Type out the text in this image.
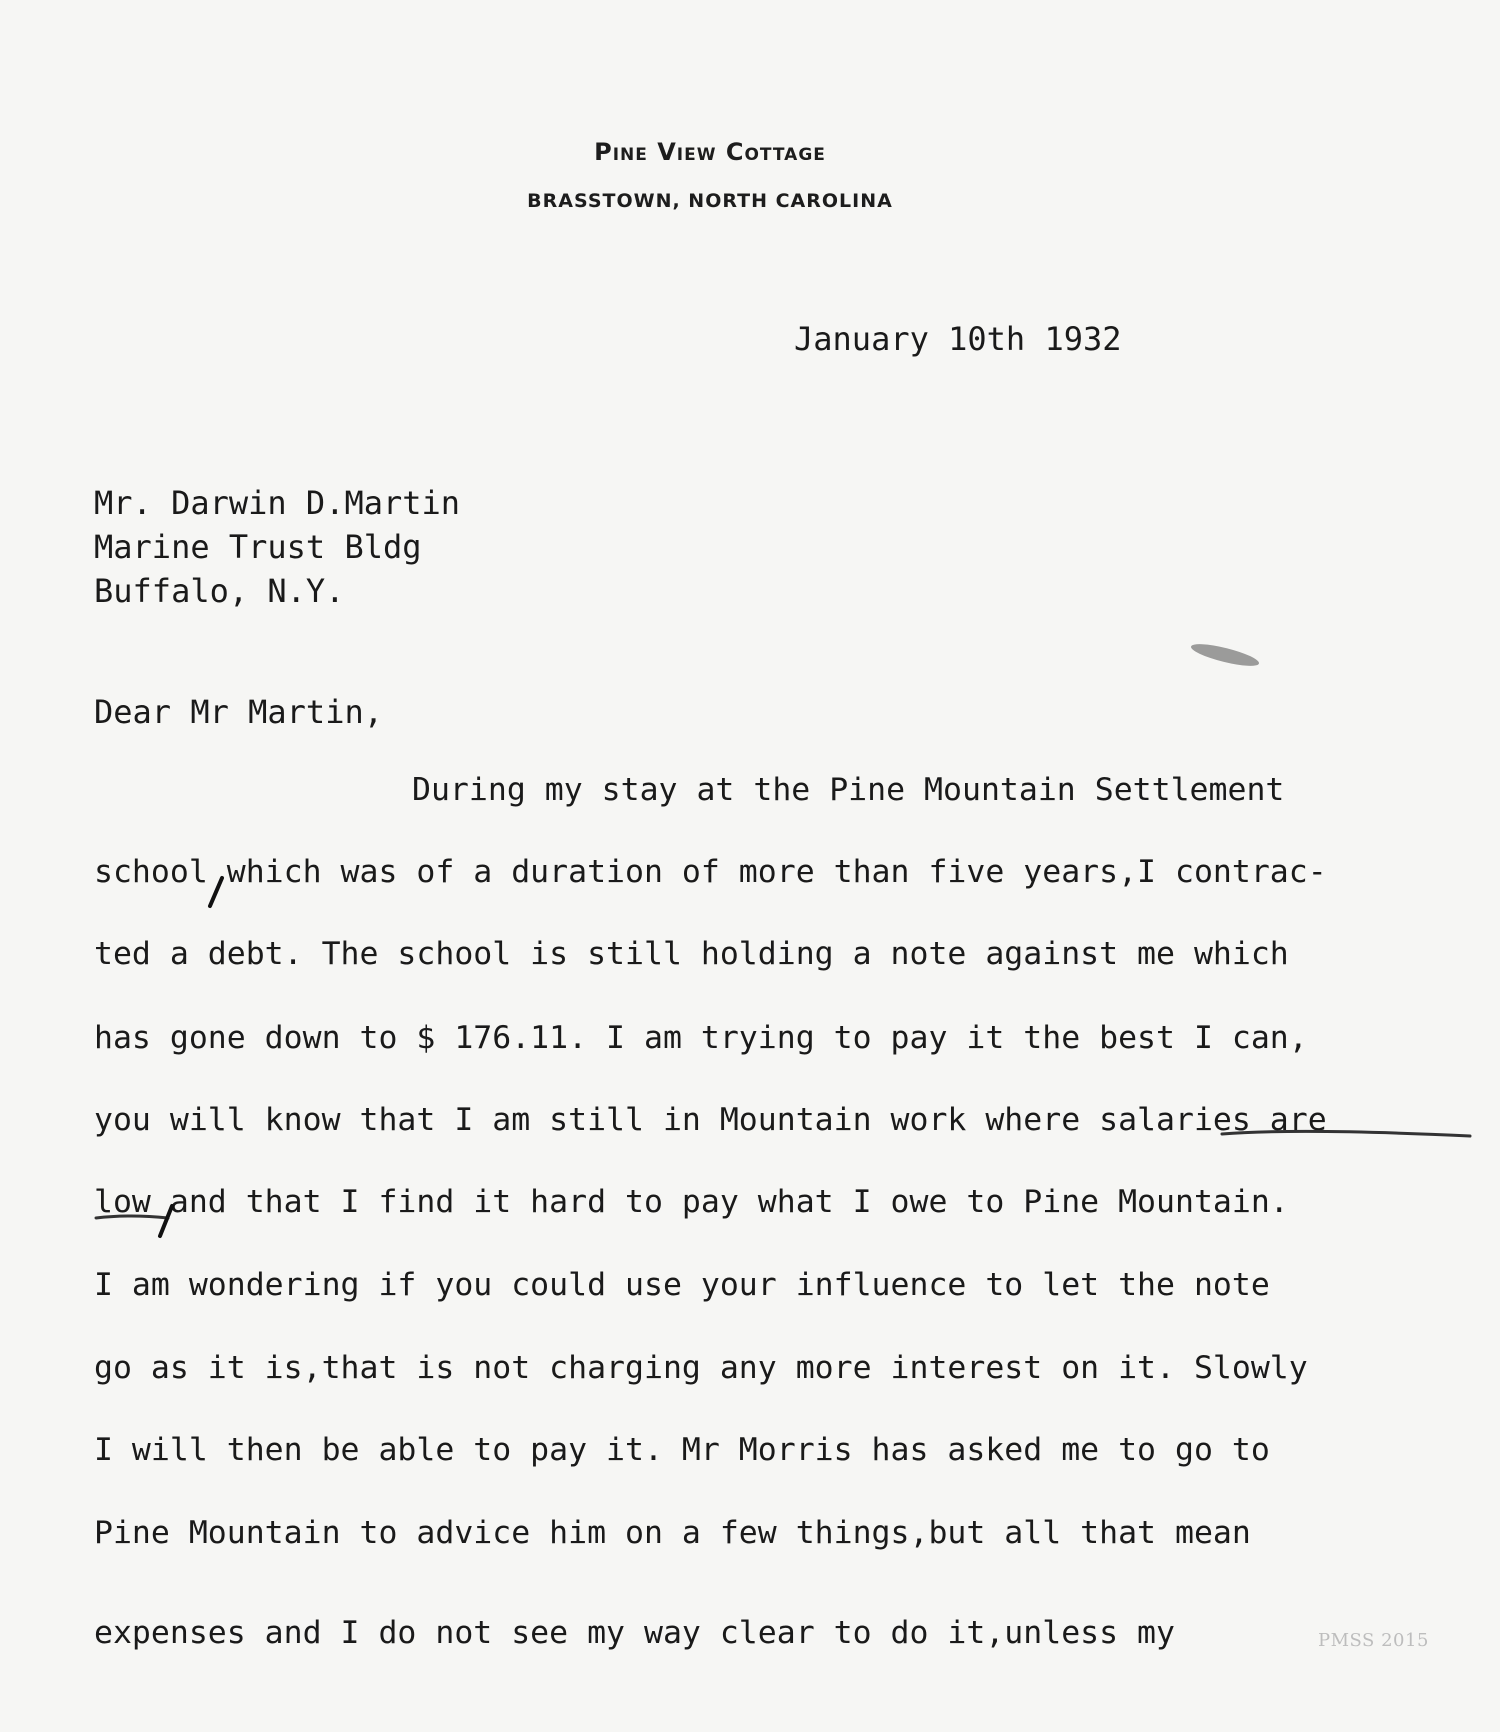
Pine View Cottage
BRASSTOWN, NORTH CAROLINA
January 10th 1932
Mr. Darwin D.Martin
Marine Trust Bldg
Buffalo, N.Y.
Dear Mr Martin,
During my stay at the Pine Mountain Settlement
school which was of a duration of more than five years,I contrac-
ted a debt. The school is still holding a note against me which
has gone down to $ 176.11. I am trying to pay it the best I can,
you will know that I am still in Mountain work where salaries are
low and that I find it hard to pay what I owe to Pine Mountain.
I am wondering if you could use your influence to let the note
go as it is,that is not charging any more interest on it. Slowly
I will then be able to pay it. Mr Morris has asked me to go to
Pine Mountain to advice him on a few things,but all that mean
expenses and I do not see my way clear to do it,unless my	PMSS 2015
